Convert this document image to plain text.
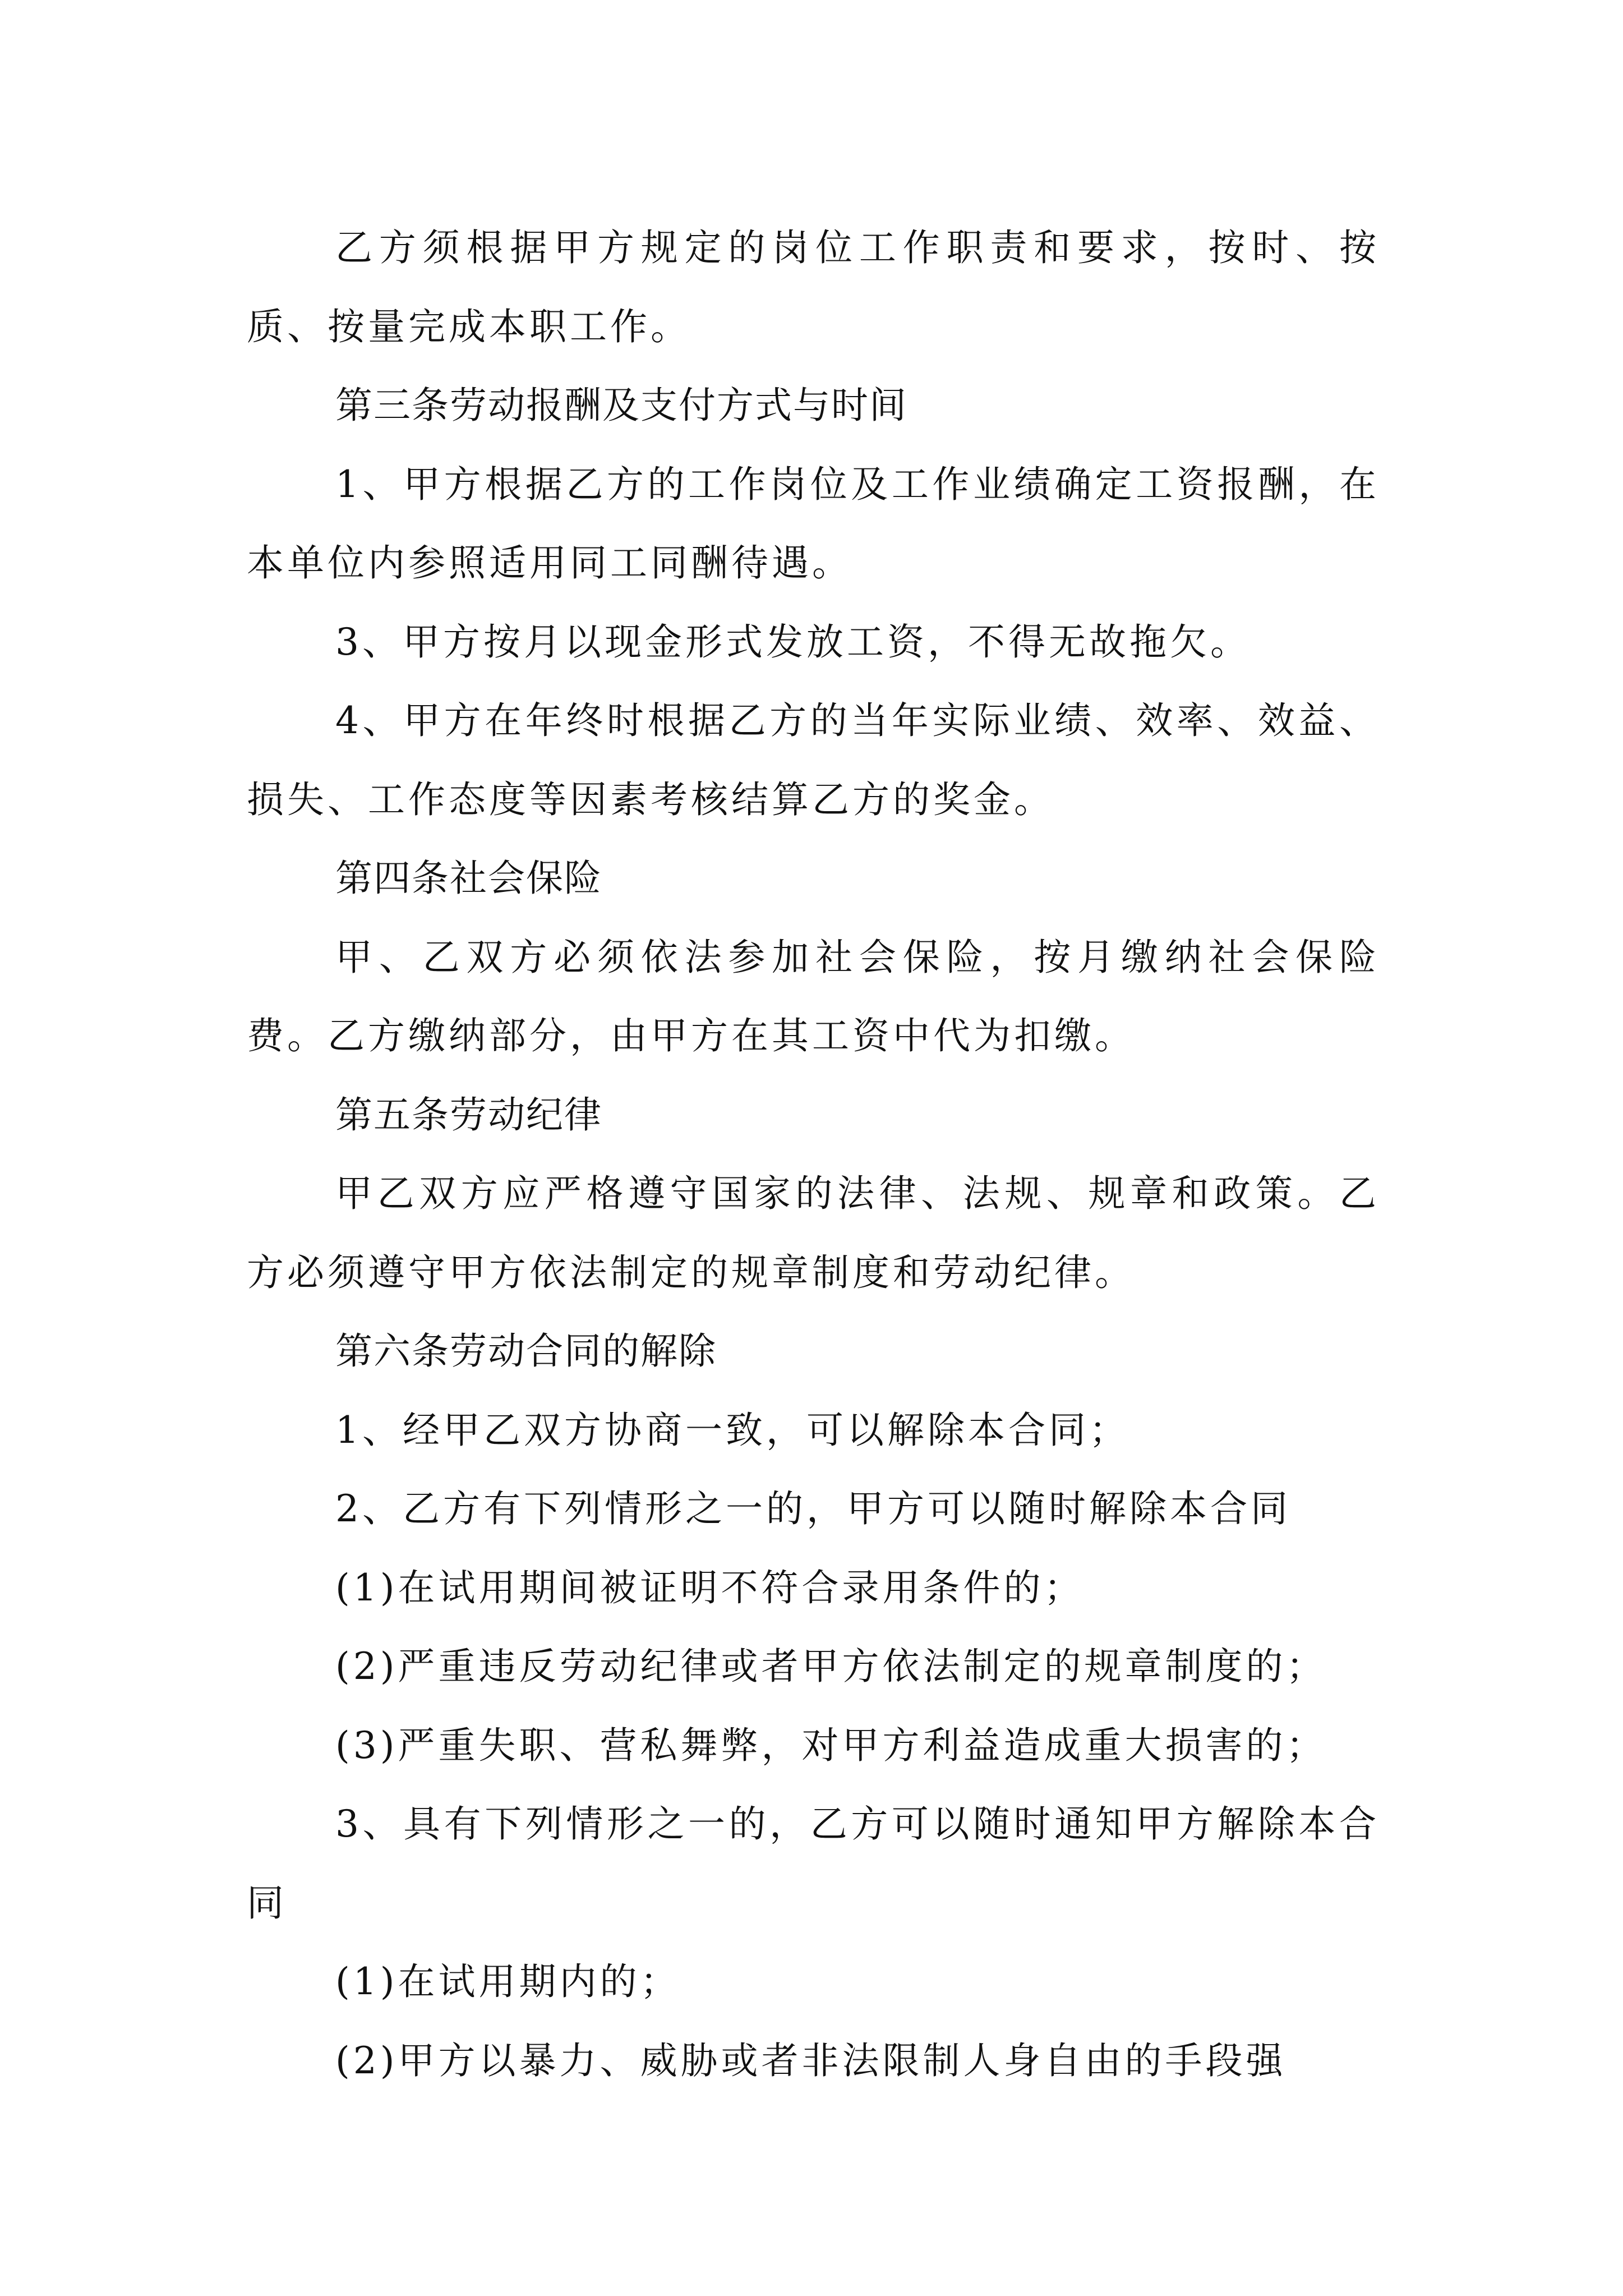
乙方须根据甲方规定的岗位工作职责和要求，按时、按质、按量完成本职工作。

第三条劳动报酬及支付方式与时间

1、甲方根据乙方的工作岗位及工作业绩确定工资报酬，在本单位内参照适用同工同酬待遇。

3、甲方按月以现金形式发放工资，不得无故拖欠。

4、甲方在年终时根据乙方的当年实际业绩、效率、效益、损失、工作态度等因素考核结算乙方的奖金。

第四条社会保险

甲、乙双方必须依法参加社会保险，按月缴纳社会保险费。乙方缴纳部分，由甲方在其工资中代为扣缴。

第五条劳动纪律

甲乙双方应严格遵守国家的法律、法规、规章和政策。乙方必须遵守甲方依法制定的规章制度和劳动纪律。

第六条劳动合同的解除

1、经甲乙双方协商一致，可以解除本合同；

2、乙方有下列情形之一的，甲方可以随时解除本合同

(1)在试用期间被证明不符合录用条件的；

(2)严重违反劳动纪律或者甲方依法制定的规章制度的；

(3)严重失职、营私舞弊，对甲方利益造成重大损害的；

3、具有下列情形之一的，乙方可以随时通知甲方解除本合同

(1)在试用期内的；

(2)甲方以暴力、威胁或者非法限制人身自由的手段强
